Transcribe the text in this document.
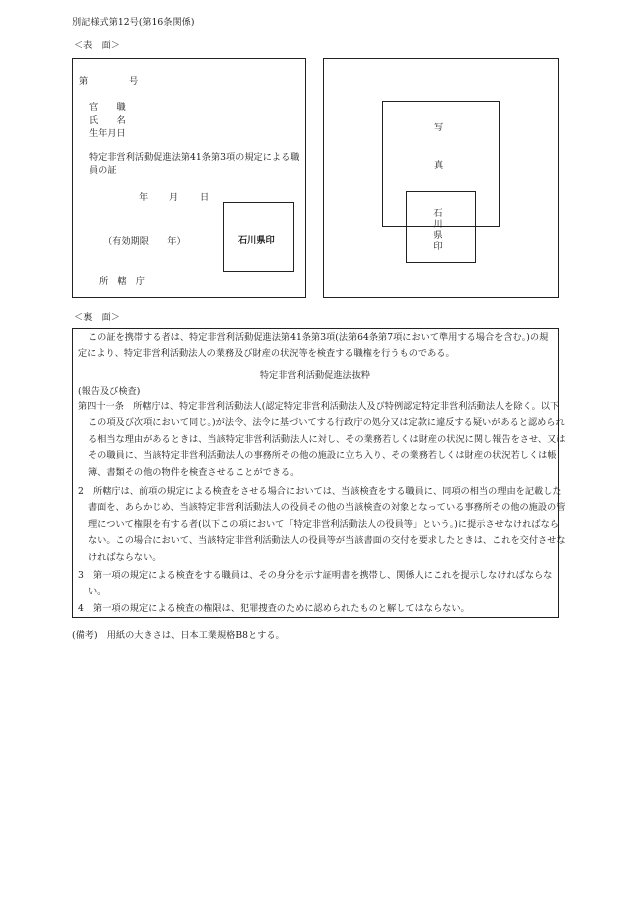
別記様式第12号(第16条関係)
＜表　面＞
第	号
官　　職
氏　　名
生年月日
特定非営利活動促進法第41条第3項の規定による職員の証
年 月 日
（有効期限　　年）	石川県印
所　轄　庁
写
真
石川県印
＜裏　面＞
この証を携帯する者は、特定非営利活動促進法第41条第3項(法第64条第7項において準用する場合を含む。)の規定により、特定非営利活動法人の業務及び財産の状況等を検査する職権を行うものである。
特定非営利活動促進法抜粋
(報告及び検査)
第四十一条　所轄庁は、特定非営利活動法人(認定特定非営利活動法人及び特例認定特定非営利活動法人を除く。以下この項及び次項において同じ。)が法令、法令に基づいてする行政庁の処分又は定款に違反する疑いがあると認められる相当な理由があるときは、当該特定非営利活動法人に対し、その業務若しくは財産の状況に関し報告をさせ、又はその職員に、当該特定非営利活動法人の事務所その他の施設に立ち入り、その業務若しくは財産の状況若しくは帳簿、書類その他の物件を検査させることができる。
2　所轄庁は、前項の規定による検査をさせる場合においては、当該検査をする職員に、同項の相当の理由を記載した書面を、あらかじめ、当該特定非営利活動法人の役員その他の当該検査の対象となっている事務所その他の施設の管理について権限を有する者(以下この項において「特定非営利活動法人の役員等」という。)に提示させなければならない。この場合において、当該特定非営利活動法人の役員等が当該書面の交付を要求したときは、これを交付させなければならない。
3　第一項の規定による検査をする職員は、その身分を示す証明書を携帯し、関係人にこれを提示しなければならない。
4　第一項の規定による検査の権限は、犯罪捜査のために認められたものと解してはならない。
(備考)　用紙の大きさは、日本工業規格B8とする。
